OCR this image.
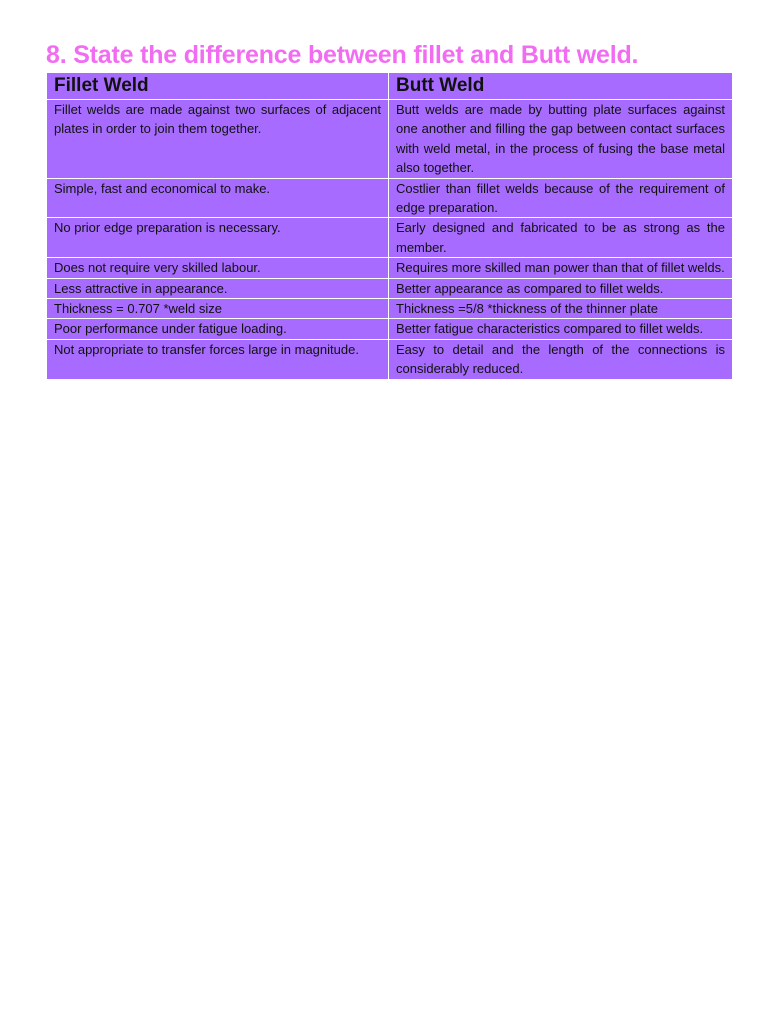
8. State the difference between fillet and Butt weld.
Fillet Weld	Butt Weld
Fillet welds are made against two surfaces of adjacent plates in order to join them together.	Butt welds are made by butting plate surfaces against one another and filling the gap between contact surfaces with weld metal, in the process of fusing the base metal also together.
Simple, fast and economical to make.	Costlier than fillet welds because of the requirement of edge preparation.
No prior edge preparation is necessary.	Early designed and fabricated to be as strong as the member.
Does not require very skilled labour.	Requires more skilled man power than that of fillet welds.
Less attractive in appearance.	Better appearance as compared to fillet welds.
Thickness = 0.707 *weld size	Thickness =5/8 *thickness of the thinner plate
Poor performance under fatigue loading.	Better fatigue characteristics compared to fillet welds.
Not appropriate to transfer forces large in magnitude.	Easy to detail and the length of the connections is considerably reduced.
